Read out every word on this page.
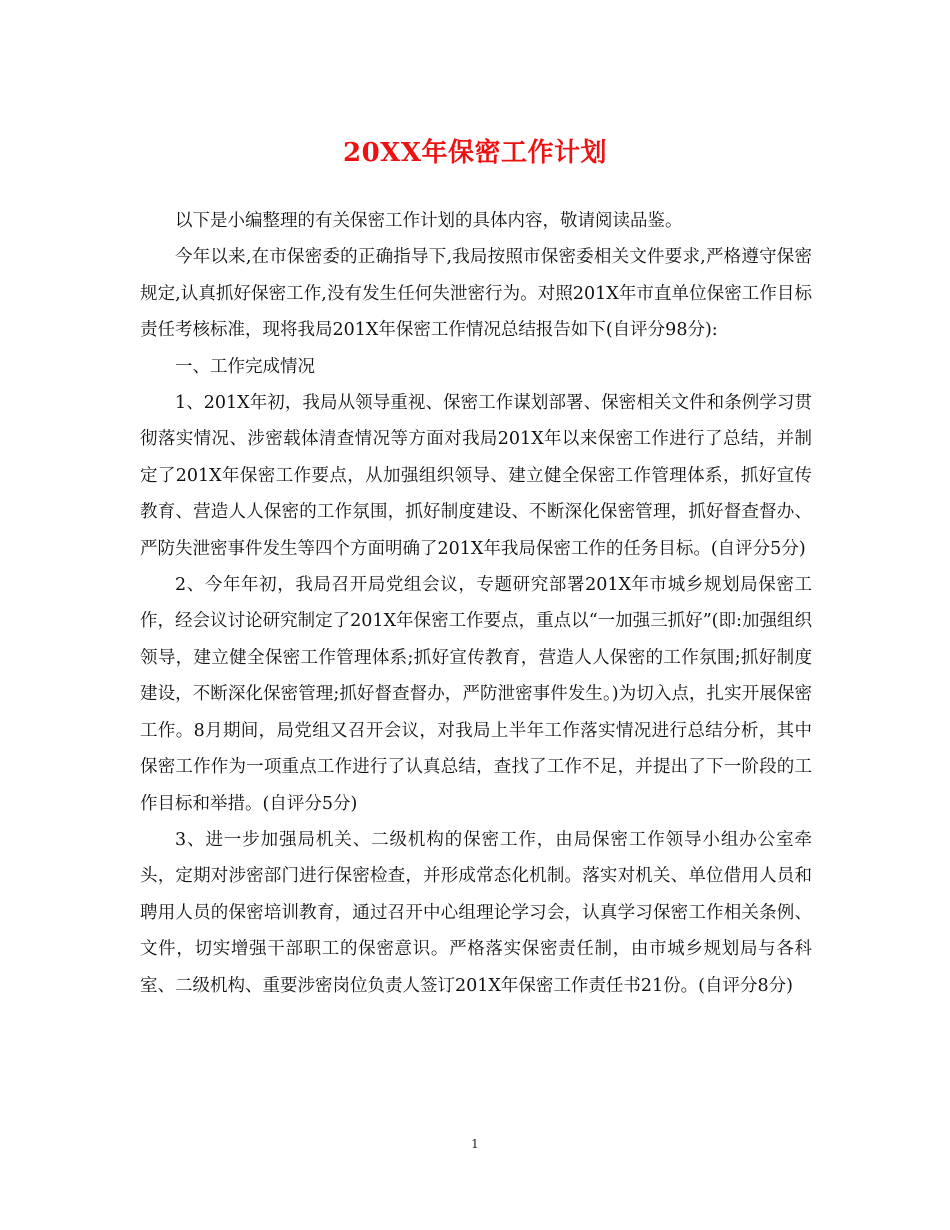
20XX年保密工作计划

以下是小编整理的有关保密工作计划的具体内容，敬请阅读品鉴。

今年以来,在市保密委的正确指导下,我局按照市保密委相关文件要求,严格遵守保密规定,认真抓好保密工作,没有发生任何失泄密行为。对照201X年市直单位保密工作目标责任考核标准，现将我局201X年保密工作情况总结报告如下(自评分98分):

一、工作完成情况

1、201X年初，我局从领导重视、保密工作谋划部署、保密相关文件和条例学习贯彻落实情况、涉密载体清查情况等方面对我局201X年以来保密工作进行了总结，并制定了201X年保密工作要点，从加强组织领导、建立健全保密工作管理体系，抓好宣传教育、营造人人保密的工作氛围，抓好制度建设、不断深化保密管理，抓好督查督办、严防失泄密事件发生等四个方面明确了201X年我局保密工作的任务目标。(自评分5分)

2、今年年初，我局召开局党组会议，专题研究部署201X年市城乡规划局保密工作，经会议讨论研究制定了201X年保密工作要点，重点以“一加强三抓好”(即:加强组织领导，建立健全保密工作管理体系;抓好宣传教育，营造人人保密的工作氛围;抓好制度建设，不断深化保密管理;抓好督查督办，严防泄密事件发生。)为切入点，扎实开展保密工作。8月期间，局党组又召开会议，对我局上半年工作落实情况进行总结分析，其中保密工作作为一项重点工作进行了认真总结，查找了工作不足，并提出了下一阶段的工作目标和举措。(自评分5分)

3、进一步加强局机关、二级机构的保密工作，由局保密工作领导小组办公室牵头，定期对涉密部门进行保密检查，并形成常态化机制。落实对机关、单位借用人员和聘用人员的保密培训教育，通过召开中心组理论学习会，认真学习保密工作相关条例、文件，切实增强干部职工的保密意识。严格落实保密责任制，由市城乡规划局与各科室、二级机构、重要涉密岗位负责人签订201X年保密工作责任书21份。(自评分8分)

1
